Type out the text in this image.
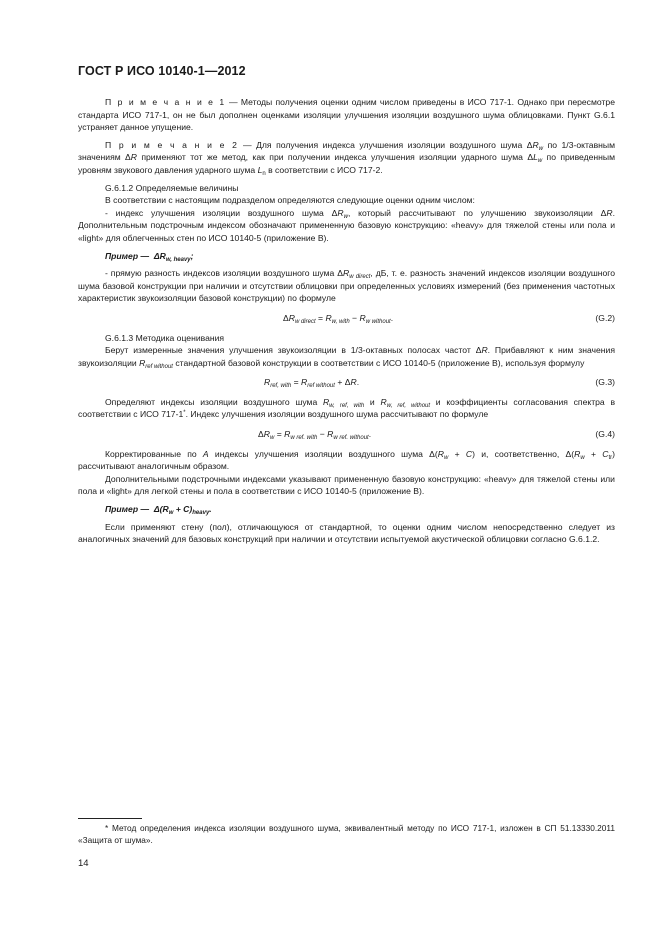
ГОСТ Р ИСО 10140-1—2012

П р и м е ч а н и е 1 — Методы получения оценки одним числом приведены в ИСО 717-1. Однако при пересмотре стандарта ИСО 717-1, он не был дополнен оценками изоляции улучшения изоляции воздушного шума облицовками. Пункт G.6.1 устраняет данное упущение.

П р и м е ч а н и е 2 — Для получения индекса улучшения изоляции воздушного шума $\Delta R_w$ по 1/3-октавным значениям ΔR применяют тот же метод, как при получении индекса улучшения изоляции ударного шума $\Delta L_w$ по приведенным уровням звукового давления ударного шума $L_n$ в соответствии с ИСО 717-2.

G.6.1.2 Определяемые величины

В соответствии с настоящим подразделом определяются следующие оценки одним числом:

- индекс улучшения изоляции воздушного шума $\Delta R_w$, который рассчитывают по улучшению звукоизоляции ΔR. Дополнительным подстрочным индексом обозначают примененную базовую конструкцию: «heavy» для тяжелой стены или пола и «light» для облегченных стен по ИСО 10140-5 (приложение В).

Пример —  $\Delta R_{w, heavy}$;

- прямую разность индексов изоляции воздушного шума $\Delta R_{w direct}$, дБ, т. е. разность значений индексов изоляции воздушного шума базовой конструкции при наличии и отсутствии облицовки при определенных условиях измерений (без применения частотных характеристик звукоизоляции базовой конструкции) по формуле

$\Delta R_{w direct} = R_{w, with} - R_{w without}$.	(G.2)

G.6.1.3 Методика оценивания

Берут измеренные значения улучшения звукоизоляции в 1/3-октавных полосах частот ΔR. Прибавляют к ним значения звукоизоляции $R_{ref without}$ стандартной базовой конструкции в соответствии с ИСО 10140-5 (приложение В), используя формулу

$R_{ref, with} = R_{ref without} + \Delta R$.	(G.3)

Определяют индексы изоляции воздушного шума $R_{w, ref, with}$ и $R_{w, ref, without}$ и коэффициенты согласования спектра в соответствии с ИСО 717-1*. Индекс улучшения изоляции воздушного шума рассчитывают по формуле

$\Delta R_w = R_{w ref. with} - R_{w ref. without}$.	(G.4)

Корректированные по A индексы улучшения изоляции воздушного шума $\Delta(R_w + C)$ и, соответственно, $\Delta(R_w + C_{tr})$ рассчитывают аналогичным образом.

Дополнительными подстрочными индексами указывают примененную базовую конструкцию: «heavy» для тяжелой стены или пола и «light» для легкой стены и пола в соответствии с ИСО 10140-5 (приложение В).

Пример —  $\Delta(R_w + C)_{heavy}$.

Если применяют стену (пол), отличающуюся от стандартной, то оценки одним числом непосредственно следует из аналогичных значений для базовых конструкций при наличии и отсутствии испытуемой акустической облицовки согласно G.6.1.2.

* Метод определения индекса изоляции воздушного шума, эквивалентный методу по ИСО 717-1, изложен в СП 51.13330.2011 «Защита от шума».

14
